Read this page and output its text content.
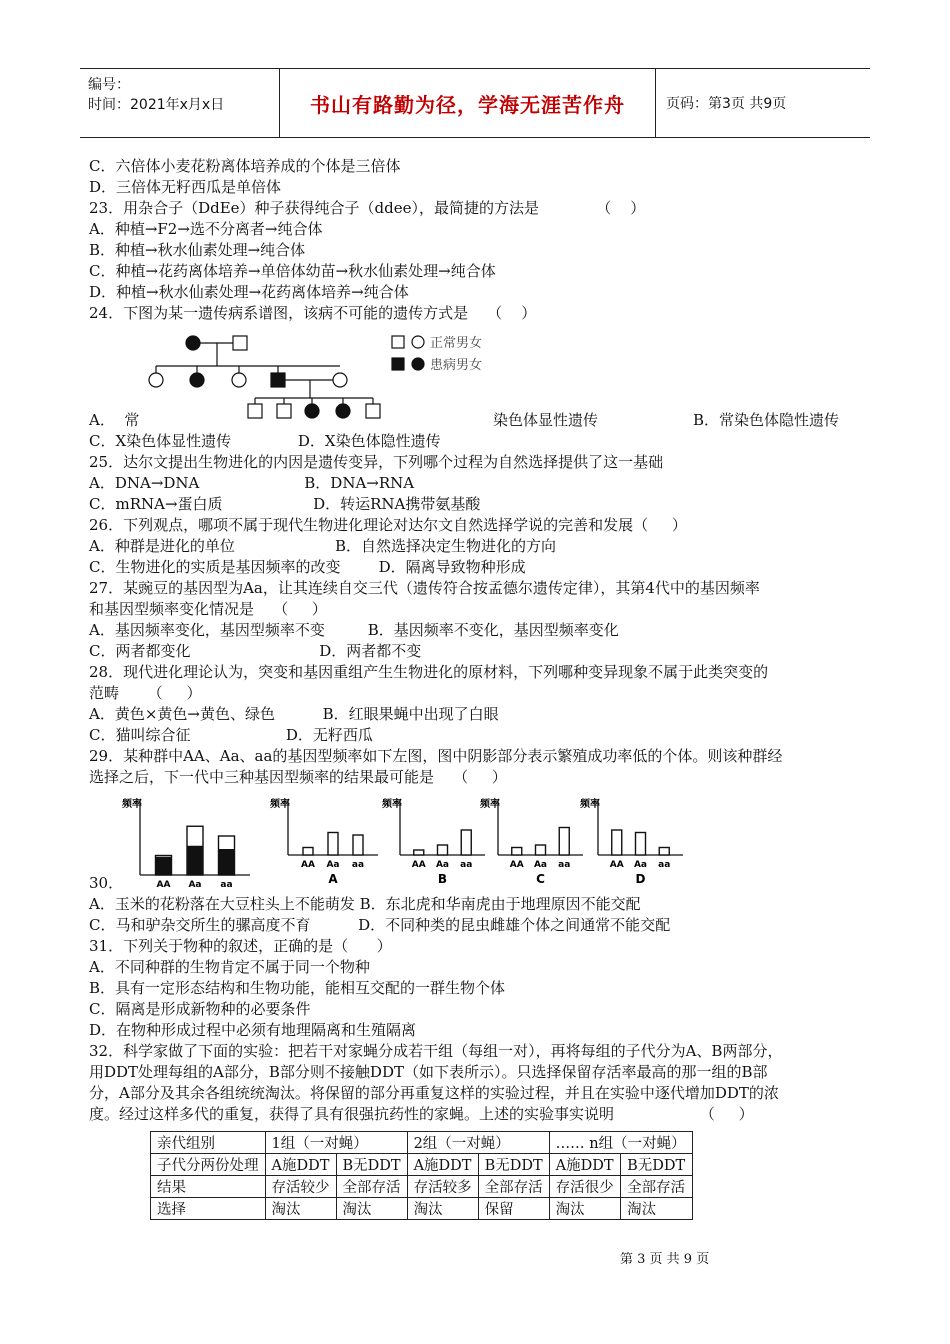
编号：
时间：2021年x月x日	书山有路勤为径，学海无涯苦作舟	页码：第3页 共9页
C．六倍体小麦花粉离体培养成的个体是三倍体
D．三倍体无籽西瓜是单倍体
23．用杂合子（DdEe）种子获得纯合子（ddee），最简捷的方法是            （    ）
A．种植→F2→选不分离者→纯合体
B．种植→秋水仙素处理→纯合体
C．种植→花药离体培养→单倍体幼苗→秋水仙素处理→纯合体
D．种植→秋水仙素处理→花药离体培养→纯合体
24．下图为某一遗传病系谱图，该病不可能的遗传方式是    （    ）
正常男女
患病男女
A．  常	染色体显性遗传	B．常染色体隐性遗传
C．X染色体显性遗传              D．X染色体隐性遗传
25．达尔文提出生物进化的内因是遗传变异，下列哪个过程为自然选择提供了这一基础
A．DNA→DNA                      B．DNA→RNA
C．mRNA→蛋白质                   D．转运RNA携带氨基酸
26．下列观点，哪项不属于现代生物进化理论对达尔文自然选择学说的完善和发展（     ）
A．种群是进化的单位                     B．自然选择决定生物进化的方向
C．生物进化的实质是基因频率的改变        D．隔离导致物种形成
27．某豌豆的基因型为Aa，让其连续自交三代（遗传符合按孟德尔遗传定律），其第4代中的基因频率
和基因型频率变化情况是    （     ）
A．基因频率变化，基因型频率不变         B．基因频率不变化，基因型频率变化
C．两者都变化                           D．两者都不变
28．现代进化理论认为，突变和基因重组产生生物进化的原材料，下列哪种变异现象不属于此类突变的
范畴      （     ）
A．黄色×黄色→黄色、绿色          B．红眼果蝇中出现了白眼
C．猫叫综合征                    D．无籽西瓜
29．某种群中AA、Aa、aa的基因型频率如下左图，图中阴影部分表示繁殖成功率低的个体。则该种群经
选择之后，下一代中三种基因型频率的结果最可能是    （     ）
频率
AA Aa aa
频率
AA Aa aa
A
频率
AA Aa aa
B
频率
AA Aa aa
C
频率
AA Aa aa
D
30．
A．玉米的花粉落在大豆柱头上不能萌发 B．东北虎和华南虎由于地理原因不能交配
C．马和驴杂交所生的骡高度不育          D．不同种类的昆虫雌雄个体之间通常不能交配
31．下列关于物种的叙述，正确的是（      ）
A．不同种群的生物肯定不属于同一个物种
B．具有一定形态结构和生物功能，能相互交配的一群生物个体
C．隔离是形成新物种的必要条件
D．在物种形成过程中必须有地理隔离和生殖隔离
32．科学家做了下面的实验：把若干对家蝇分成若干组（每组一对），再将每组的子代分为A、B两部分，
用DDT处理每组的A部分，B部分则不接触DDT（如下表所示）。只选择保留存活率最高的那一组的B部
分，A部分及其余各组统统淘汰。将保留的部分再重复这样的实验过程，并且在实验中逐代增加DDT的浓
度。经过这样多代的重复，获得了具有很强抗药性的家蝇。上述的实验事实说明                  （     ）
亲代组别	1组（一对蝇）		2组（一对蝇）		…… n组（一对蝇）	
子代分两份处理	A施DDT	B无DDT	A施DDT	B无DDT	A施DDT	B无DDT
结果	存活较少	全部存活	存活较多	全部存活	存活很少	全部存活
选择	淘汰	淘汰	淘汰	保留	淘汰	淘汰
第 3 页 共 9 页
